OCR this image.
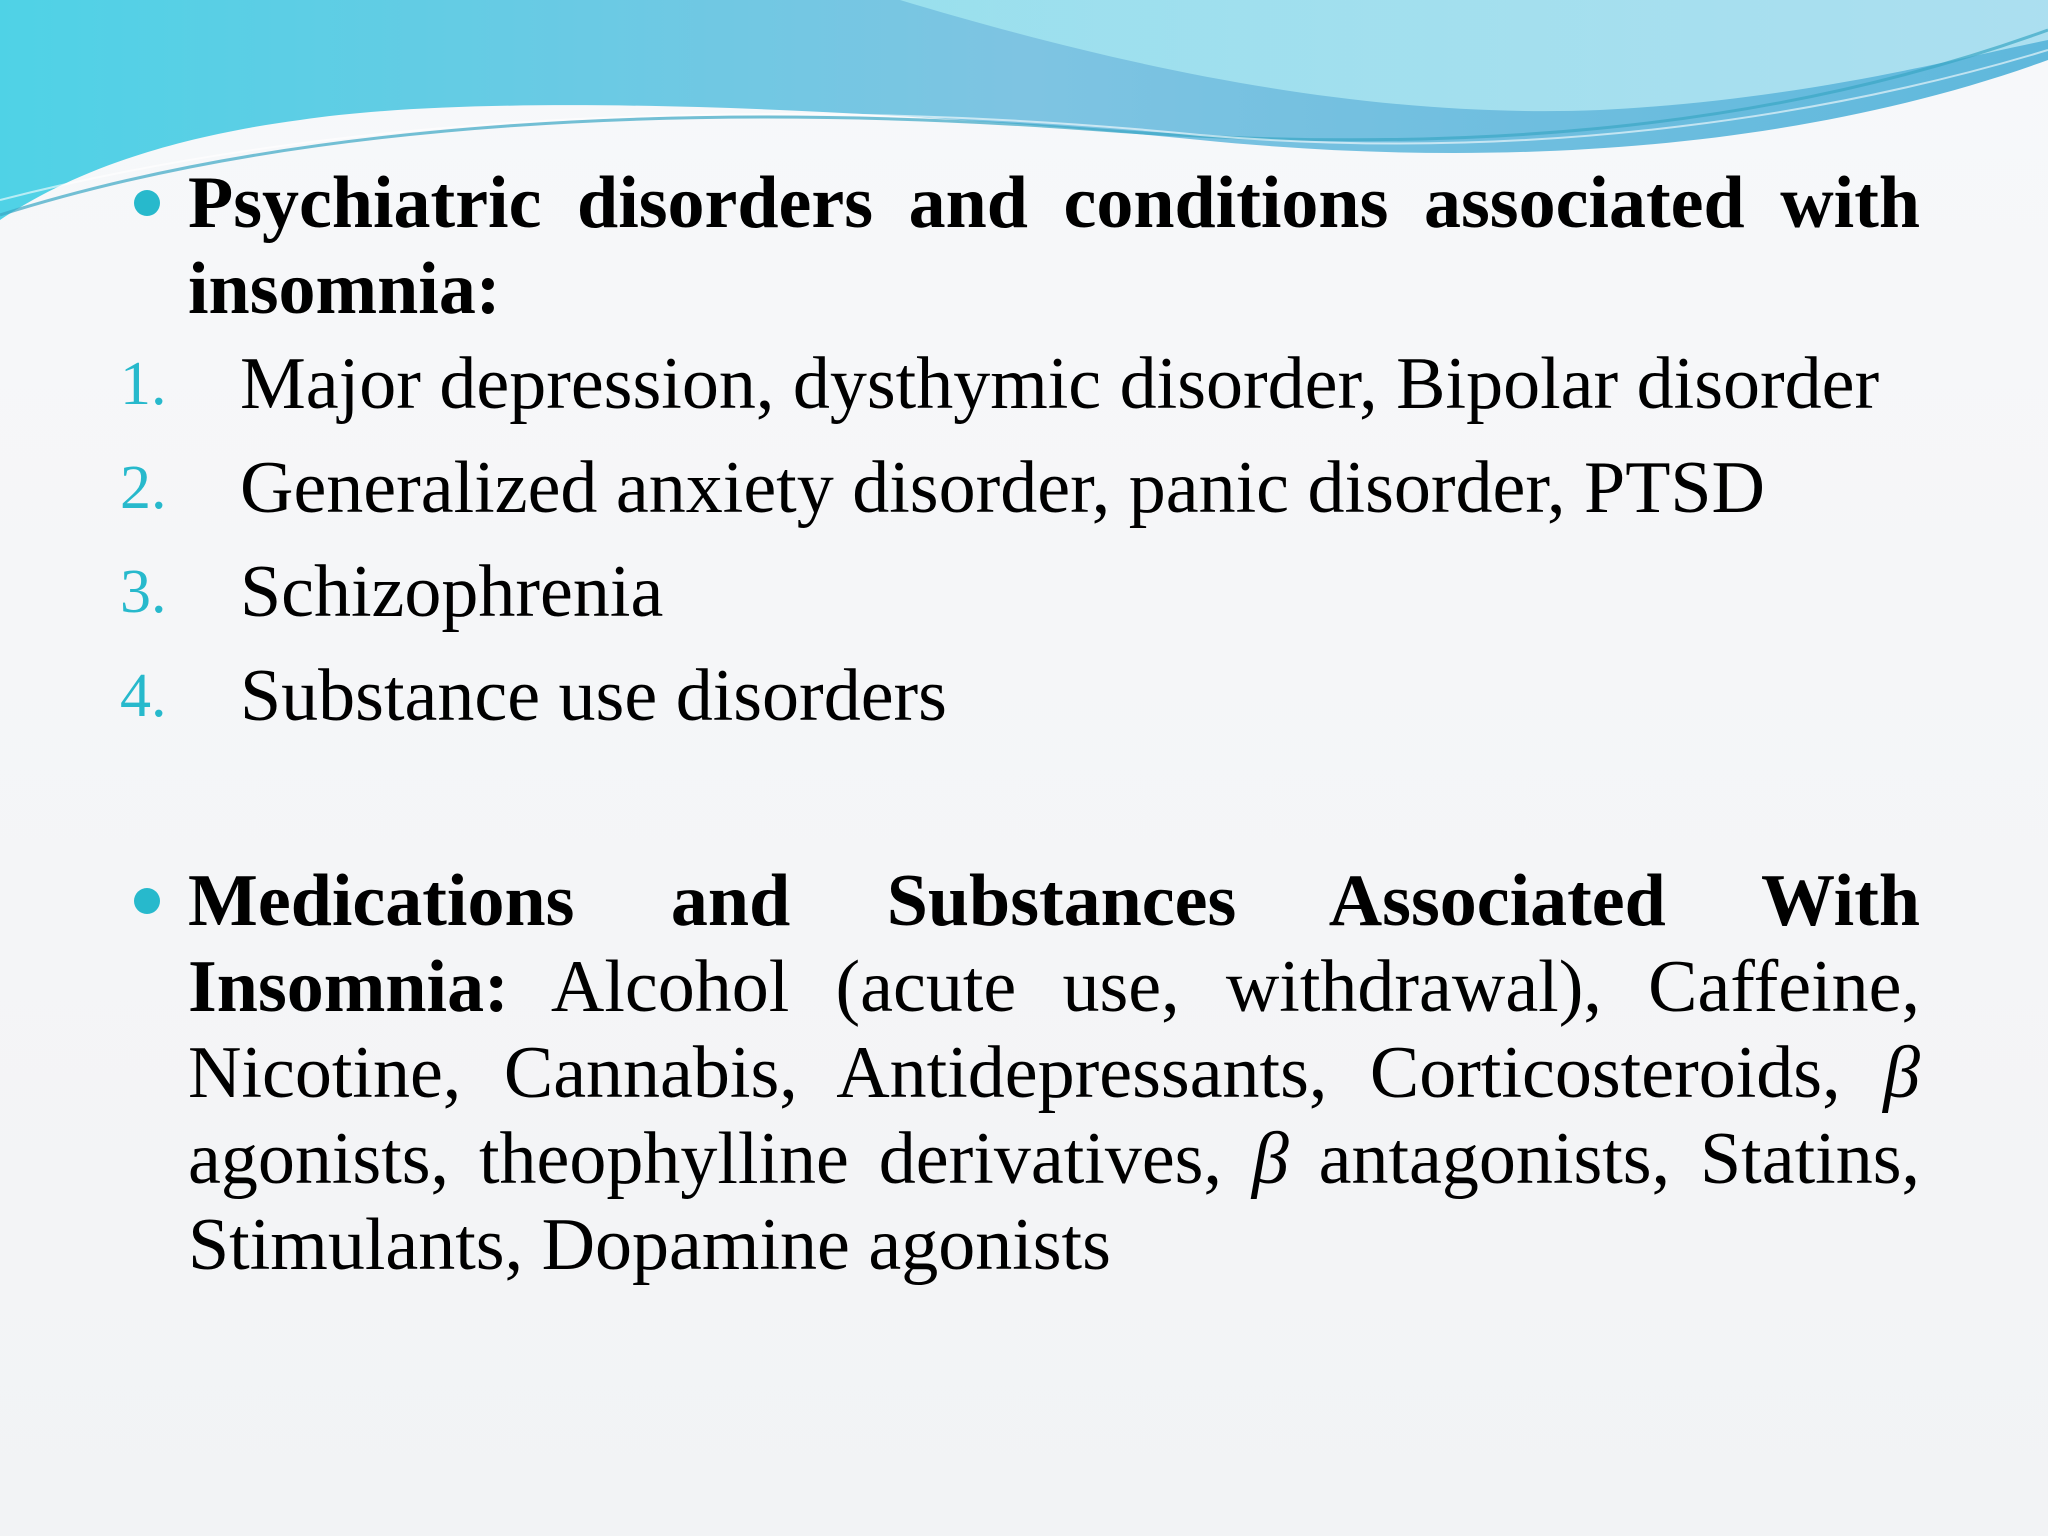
Psychiatric disorders and conditions associated with insomnia:
1. Major depression, dysthymic disorder, Bipolar disorder
2. Generalized anxiety disorder, panic disorder, PTSD
3. Schizophrenia
4. Substance use disorders
Medications and Substances Associated With Insomnia: Alcohol (acute use, withdrawal), Caffeine, Nicotine, Cannabis, Antidepressants, Corticosteroids, β agonists, theophylline derivatives, β antagonists, Statins, Stimulants, Dopamine agonists
